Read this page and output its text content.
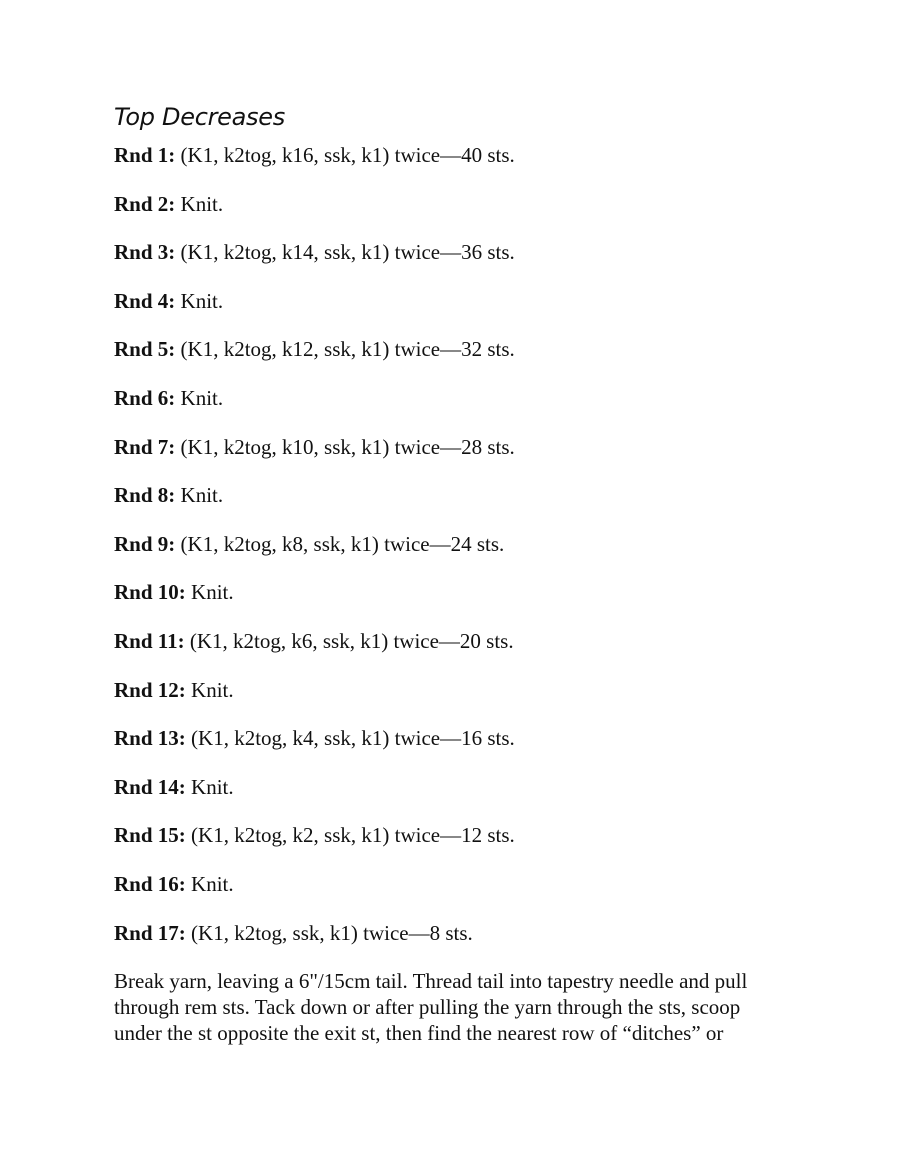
Top Decreases
Rnd 1: (K1, k2tog, k16, ssk, k1) twice—40 sts.
Rnd 2: Knit.
Rnd 3: (K1, k2tog, k14, ssk, k1) twice—36 sts.
Rnd 4: Knit.
Rnd 5: (K1, k2tog, k12, ssk, k1) twice—32 sts.
Rnd 6: Knit.
Rnd 7: (K1, k2tog, k10, ssk, k1) twice—28 sts.
Rnd 8: Knit.
Rnd 9: (K1, k2tog, k8, ssk, k1) twice—24 sts.
Rnd 10: Knit.
Rnd 11: (K1, k2tog, k6, ssk, k1) twice—20 sts.
Rnd 12: Knit.
Rnd 13: (K1, k2tog, k4, ssk, k1) twice—16 sts.
Rnd 14: Knit.
Rnd 15: (K1, k2tog, k2, ssk, k1) twice—12 sts.
Rnd 16: Knit.
Rnd 17: (K1, k2tog, ssk, k1) twice—8 sts.

Break yarn, leaving a 6"/15cm tail. Thread tail into tapestry needle and pull
through rem sts. Tack down or after pulling the yarn through the sts, scoop
under the st opposite the exit st, then find the nearest row of “ditches” or
